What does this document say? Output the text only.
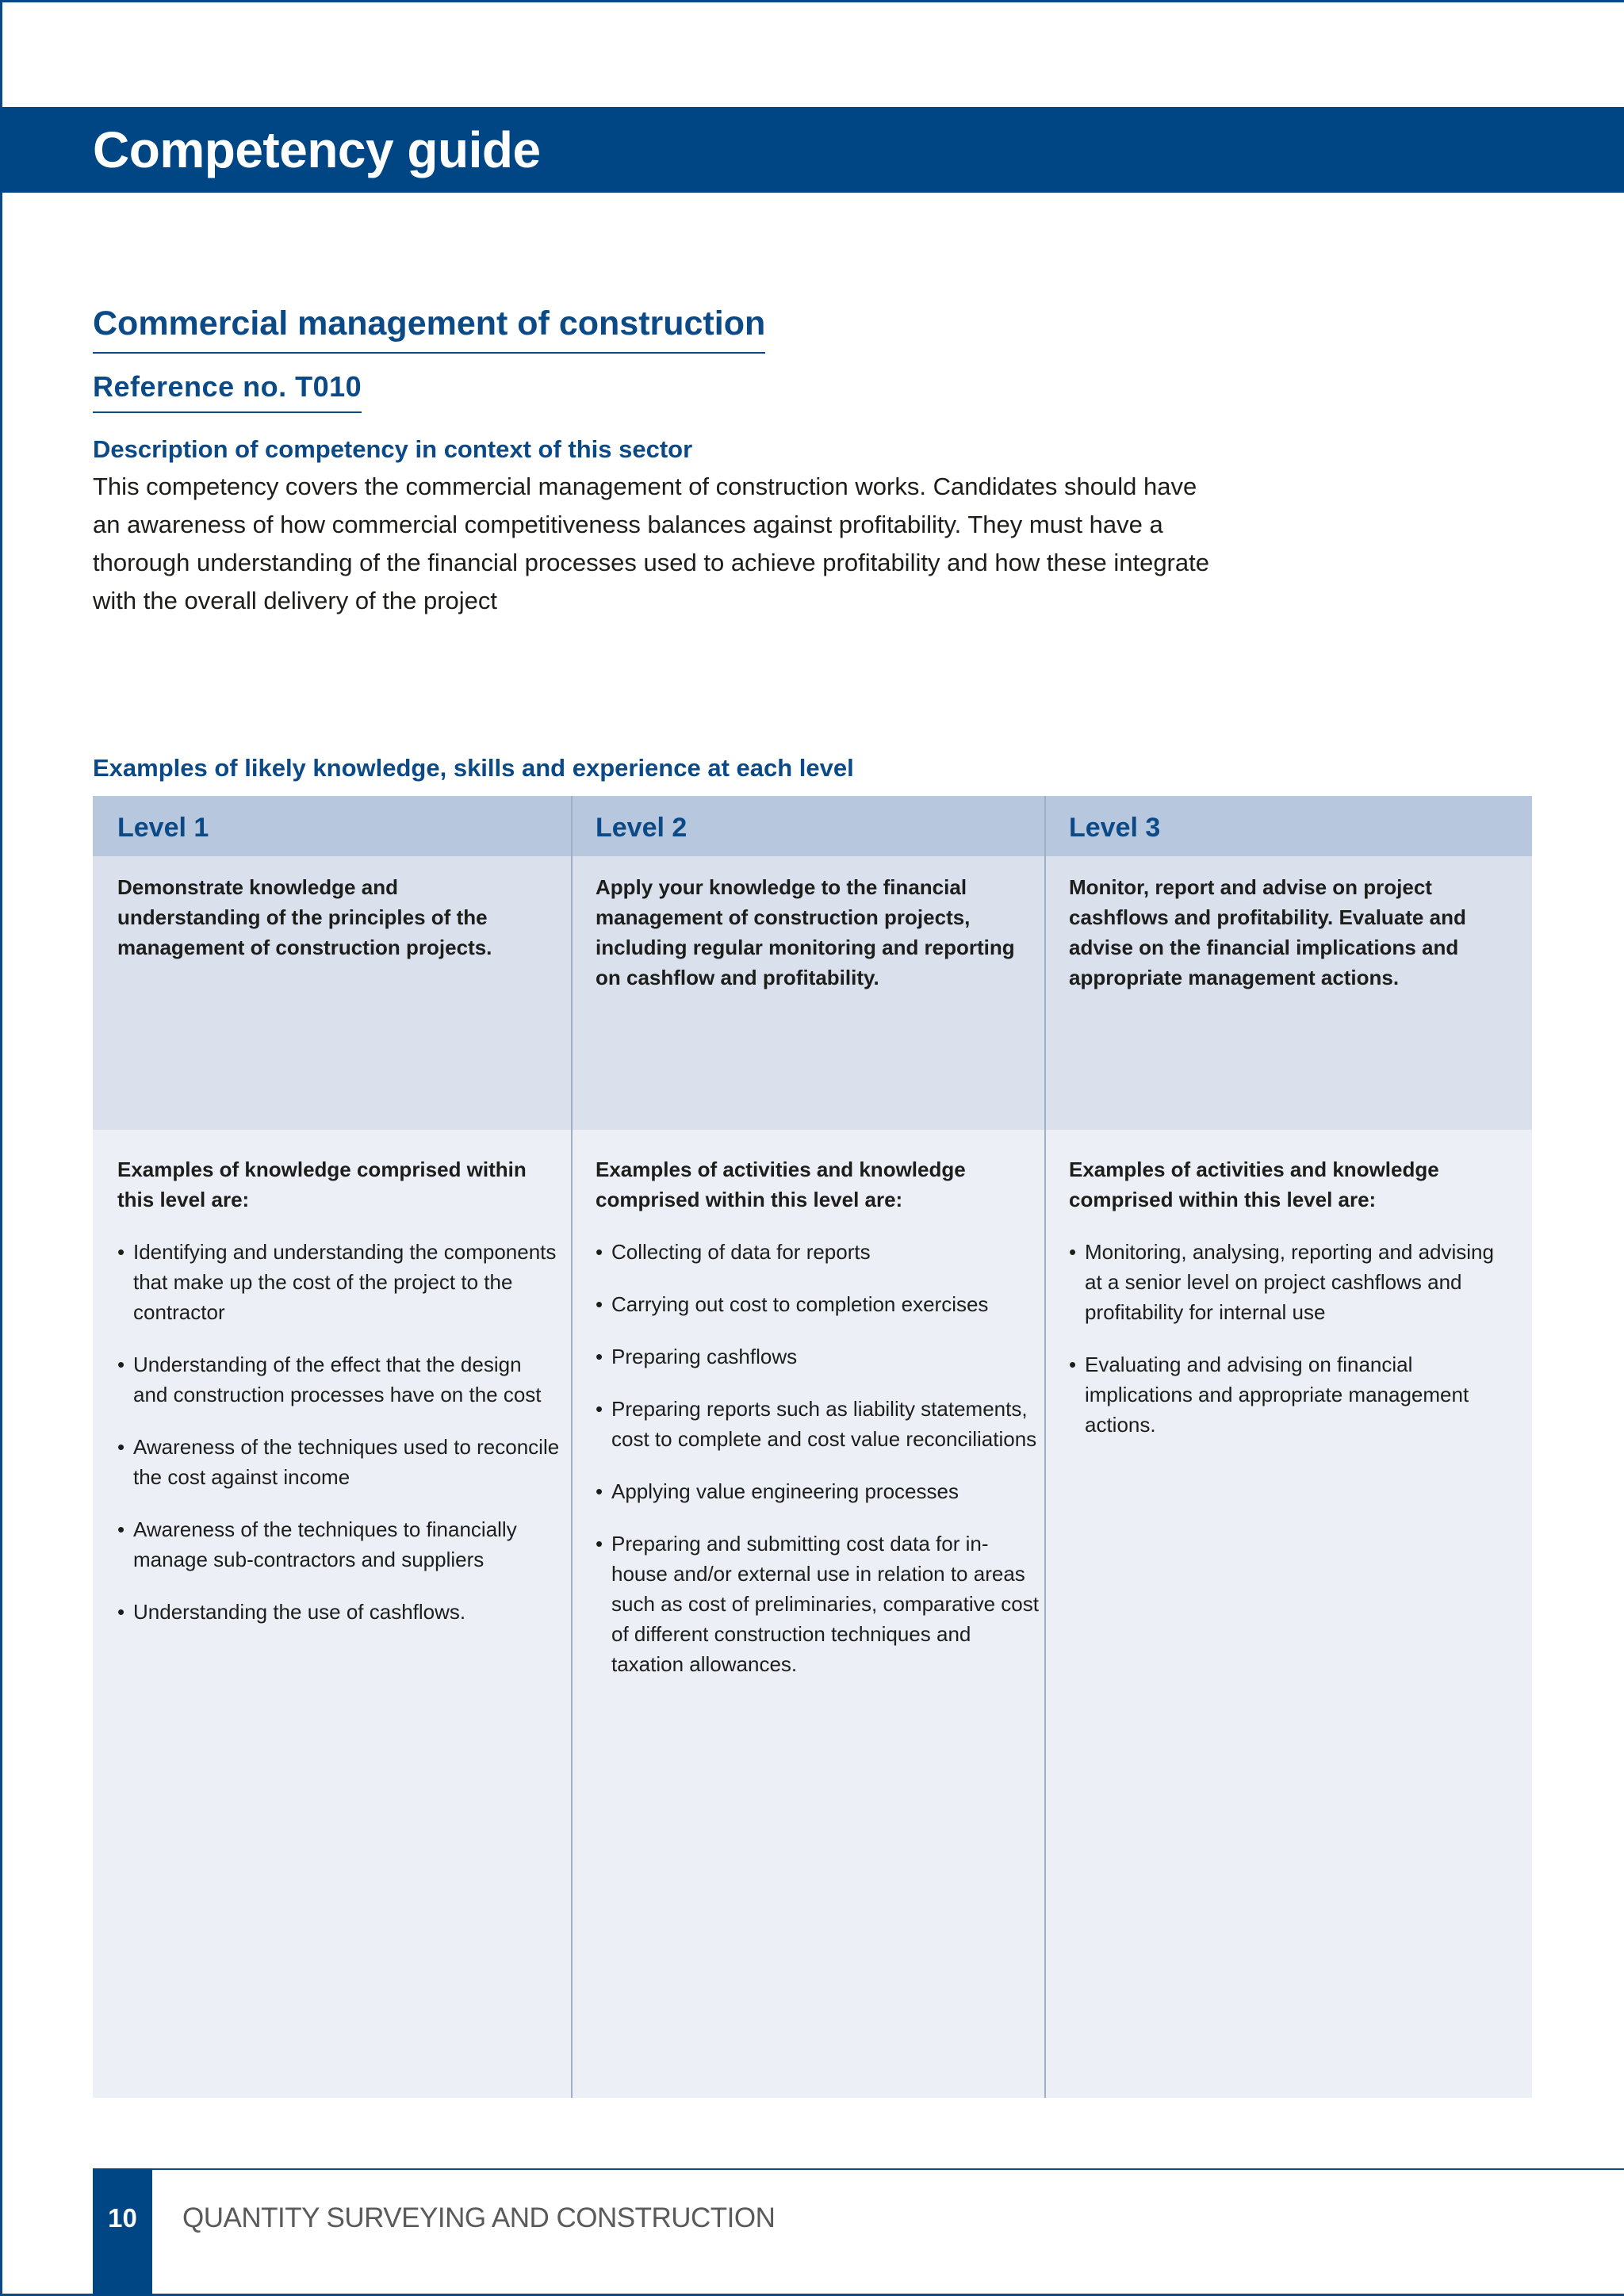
Competency guide
Commercial management of construction
Reference no. T010
Description of competency in context of this sector
This competency covers the commercial management of construction works. Candidates should have an awareness of how commercial competitiveness balances against profitability. They must have a thorough understanding of the financial processes used to achieve profitability and how these integrate with the overall delivery of the project
Examples of likely knowledge, skills and experience at each level
Level 1
Demonstrate knowledge and understanding of the principles of the management of construction projects.
Examples of knowledge comprised within this level are:
• Identifying and understanding the components that make up the cost of the project to the contractor
• Understanding of the effect that the design and construction processes have on the cost
• Awareness of the techniques used to reconcile the cost against income
• Awareness of the techniques to financially manage sub-contractors and suppliers
• Understanding the use of cashflows.
Level 2
Apply your knowledge to the financial management of construction projects, including regular monitoring and reporting on cashflow and profitability.
Examples of activities and knowledge comprised within this level are:
• Collecting of data for reports
• Carrying out cost to completion exercises
• Preparing cashflows
• Preparing reports such as liability statements, cost to complete and cost value reconciliations
• Applying value engineering processes
• Preparing and submitting cost data for in-house and/or external use in relation to areas such as cost of preliminaries, comparative cost of different construction techniques and taxation allowances.
Level 3
Monitor, report and advise on project cashflows and profitability. Evaluate and advise on the financial implications and appropriate management actions.
Examples of activities and knowledge comprised within this level are:
• Monitoring, analysing, reporting and advising at a senior level on project cashflows and profitability for internal use
• Evaluating and advising on financial implications and appropriate management actions.
10	QUANTITY SURVEYING AND CONSTRUCTION
